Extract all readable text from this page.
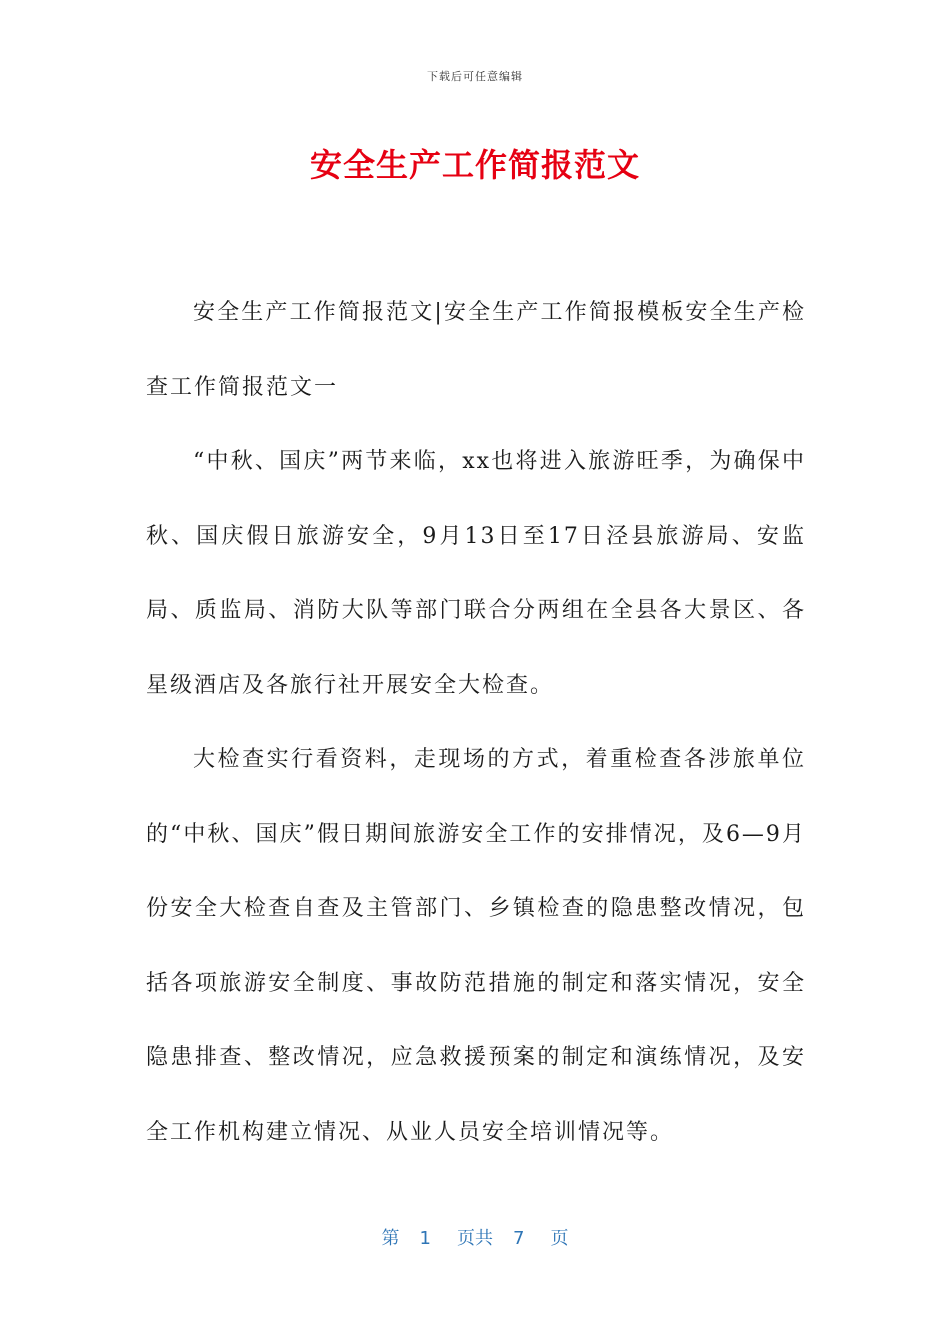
下载后可任意编辑
安全生产工作简报范文

安全生产工作简报范文|安全生产工作简报模板安全生产检查工作简报范文一

“中秋、国庆”两节来临，xx也将进入旅游旺季，为确保中秋、国庆假日旅游安全，9月13日至17日泾县旅游局、安监局、质监局、消防大队等部门联合分两组在全县各大景区、各星级酒店及各旅行社开展安全大检查。

大检查实行看资料，走现场的方式，着重检查各涉旅单位的“中秋、国庆”假日期间旅游安全工作的安排情况，及6—9月份安全大检查自查及主管部门、乡镇检查的隐患整改情况，包括各项旅游安全制度、事故防范措施的制定和落实情况，安全隐患排查、整改情况，应急救援预案的制定和演练情况，及安全工作机构建立情况、从业人员安全培训情况等。

第 1 页共 7 页
